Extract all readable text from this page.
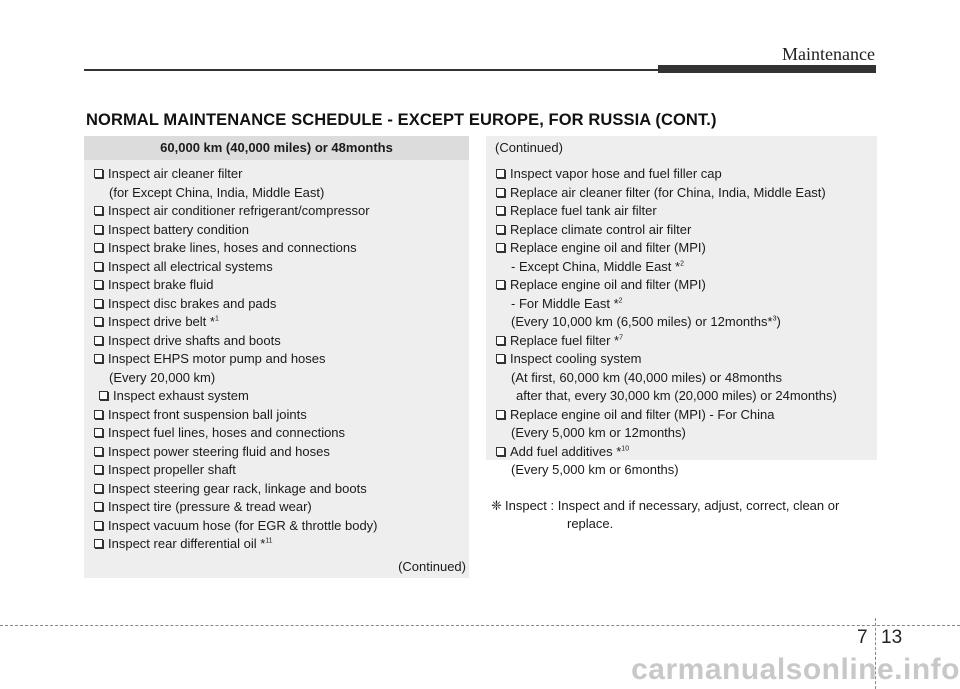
Maintenance
NORMAL MAINTENANCE SCHEDULE - EXCEPT EUROPE, FOR RUSSIA (CONT.)
60,000 km (40,000 miles) or 48months
Inspect air cleaner filter
(for Except China, India, Middle East)
Inspect air conditioner refrigerant/compressor
Inspect battery condition
Inspect brake lines, hoses and connections
Inspect all electrical systems
Inspect brake fluid
Inspect disc brakes and pads
Inspect drive belt *$^1$
Inspect drive shafts and boots
Inspect EHPS motor pump and hoses
(Every 20,000 km)
Inspect exhaust system
Inspect front suspension ball joints
Inspect fuel lines, hoses and connections
Inspect power steering fluid and hoses
Inspect propeller shaft
Inspect steering gear rack, linkage and boots
Inspect tire (pressure & tread wear)
Inspect vacuum hose (for EGR & throttle body)
Inspect rear differential oil *$^{11}$
(Continued)
(Continued)
Inspect vapor hose and fuel filler cap
Replace air cleaner filter (for China, India, Middle East)
Replace fuel tank air filter
Replace climate control air filter
Replace engine oil and filter (MPI)
- Except China, Middle East *$^2$
Replace engine oil and filter (MPI)
- For Middle East *$^2$
(Every 10,000 km (6,500 miles) or 12months*$^3$)
Replace fuel filter *$^7$
Inspect cooling system
(At first, 60,000 km (40,000 miles) or 48months
after that, every 30,000 km (20,000 miles) or 24months)
Replace engine oil and filter (MPI) - For China
(Every 5,000 km or 12months)
Add fuel additives *$^{10}$
(Every 5,000 km or 6months)
❈ Inspect : Inspect and if necessary, adjust, correct, clean or
replace.
7 13
carmanualsonline.info
